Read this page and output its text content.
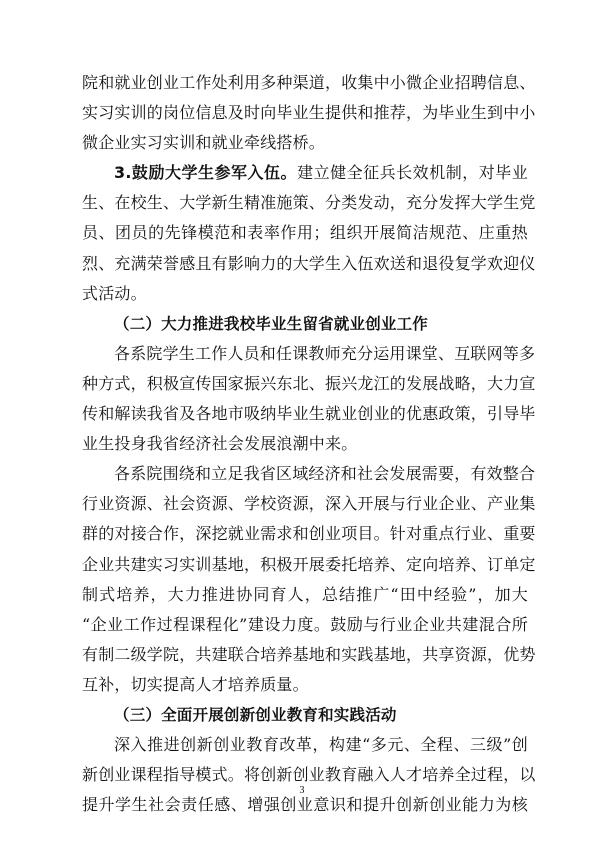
院和就业创业工作处利用多种渠道，收集中小微企业招聘信息、
实习实训的岗位信息及时向毕业生提供和推荐，为毕业生到中小
微企业实习实训和就业牵线搭桥。
3.鼓励大学生参军入伍。建立健全征兵长效机制，对毕业
生、在校生、大学新生精准施策、分类发动，充分发挥大学生党
员、团员的先锋模范和表率作用；组织开展简洁规范、庄重热
烈、充满荣誉感且有影响力的大学生入伍欢送和退役复学欢迎仪
式活动。
（二）大力推进我校毕业生留省就业创业工作
各系院学生工作人员和任课教师充分运用课堂、互联网等多
种方式，积极宣传国家振兴东北、振兴龙江的发展战略，大力宣
传和解读我省及各地市吸纳毕业生就业创业的优惠政策，引导毕
业生投身我省经济社会发展浪潮中来。
各系院围绕和立足我省区域经济和社会发展需要，有效整合
行业资源、社会资源、学校资源，深入开展与行业企业、产业集
群的对接合作，深挖就业需求和创业项目。针对重点行业、重要
企业共建实习实训基地，积极开展委托培养、定向培养、订单定
制式培养，大力推进协同育人，总结推广“田中经验”，加大
“企业工作过程课程化”建设力度。鼓励与行业企业共建混合所
有制二级学院，共建联合培养基地和实践基地，共享资源，优势
互补，切实提高人才培养质量。
（三）全面开展创新创业教育和实践活动
深入推进创新创业教育改革，构建“多元、全程、三级”创
新创业课程指导模式。将创新创业教育融入人才培养全过程，以
提升学生社会责任感、增强创业意识和提升创新创业能力为核
3
